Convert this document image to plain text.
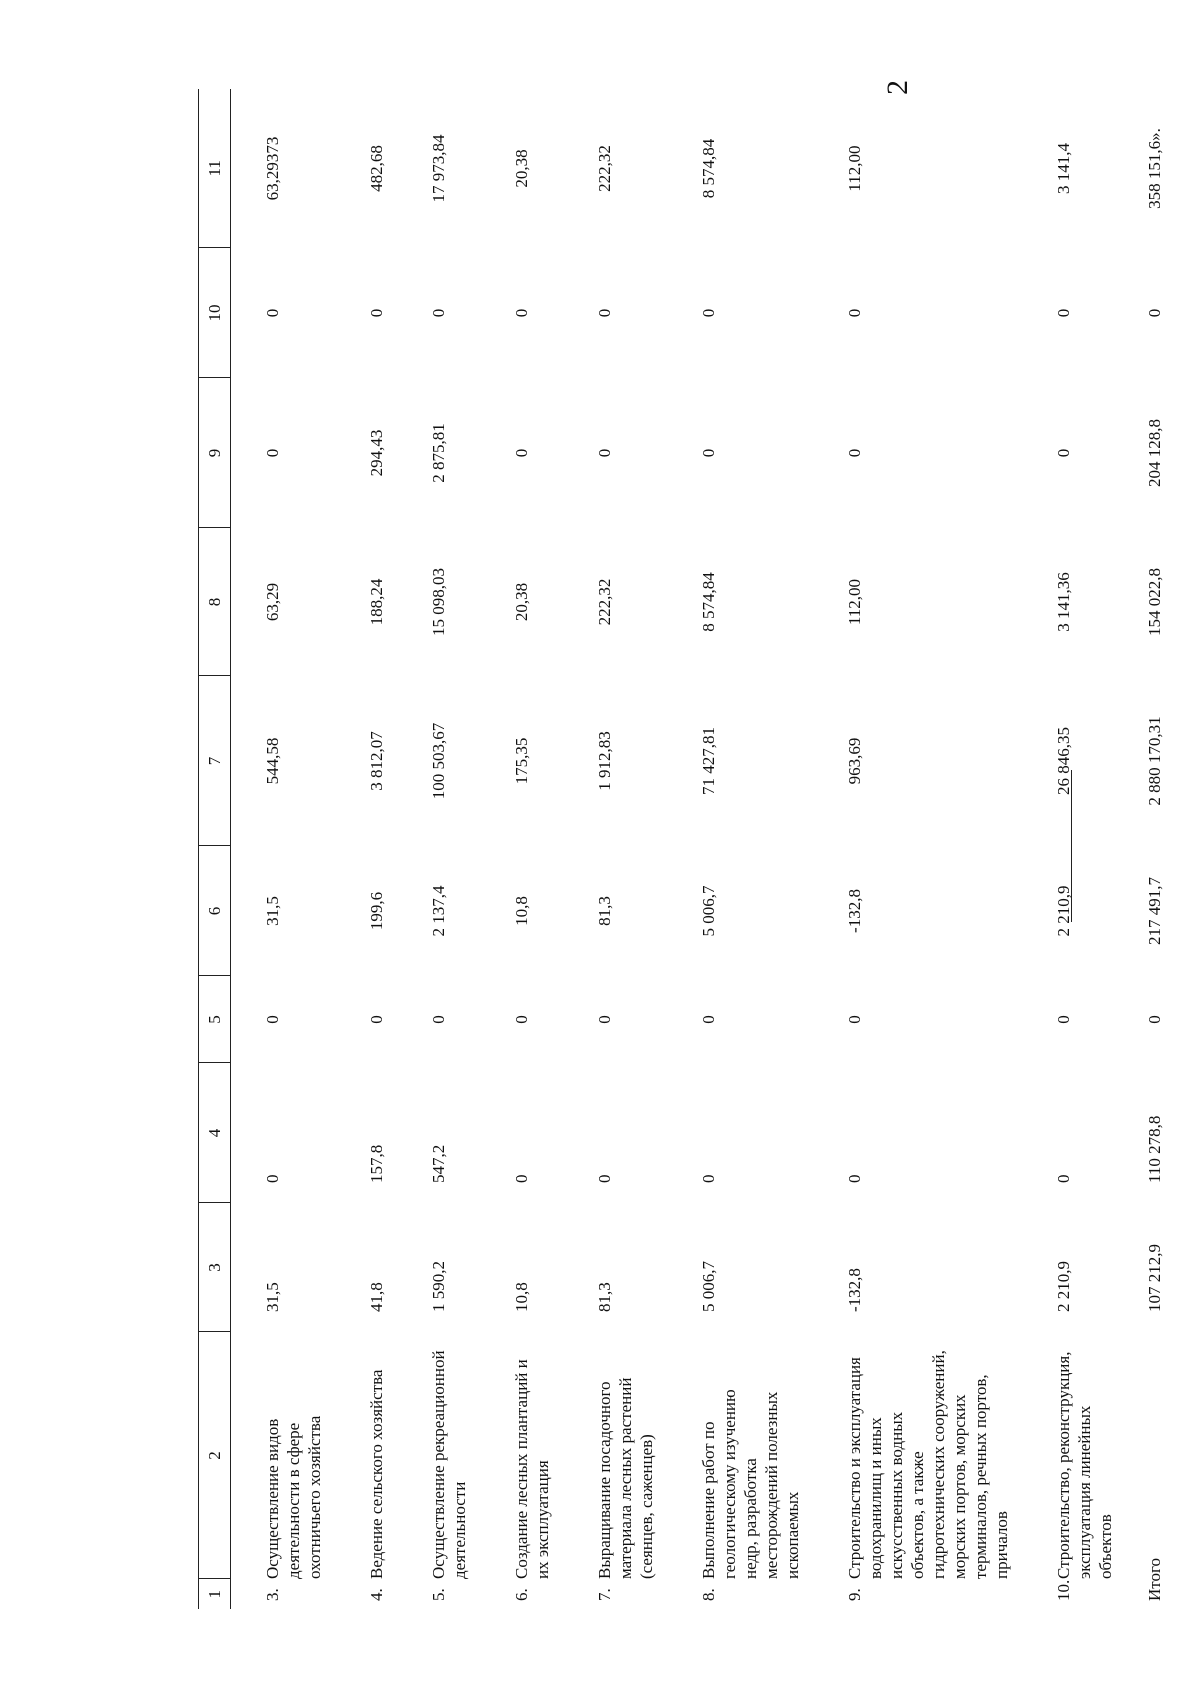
2
1	2	3	4	5	6	7	8	9	10	11
3.	Осуществление видов деятельности в сфере охотничьего хозяйства	31,5	0	0	31,5	544,58	63,29	0	0	63,29373
4.	Ведение сельского хозяйства	41,8	157,8	0	199,6	3 812,07	188,24	294,43	0	482,68
5.	Осуществление рекреационной деятельности	1 590,2	547,2	0	2 137,4	100 503,67	15 098,03	2 875,81	0	17 973,84
6.	Создание лесных плантаций и их эксплуатация	10,8	0	0	10,8	175,35	20,38	0	0	20,38
7.	Выращивание посадочного материала лесных растений (сеянцев, саженцев)	81,3	0	0	81,3	1 912,83	222,32	0	0	222,32
8.	Выполнение работ по геологическому изучению недр, разработка месторождений полезных ископаемых	5 006,7	0	0	5 006,7	71 427,81	8 574,84	0	0	8 574,84
9.	Строительство и эксплуатация водохранилищ и иных искусственных водных объектов, а также гидротехнических сооружений, морских портов, морских терминалов, речных портов, причалов	-132,8	0	0	-132,8	963,69	112,00	0	0	112,00
10.	Строительство, реконструкция, эксплуатация линейных объектов	2 210,9	0	0	2 210,9	26 846,35	3 141,36	0	0	3 141,4
Итого		107 212,9	110 278,8	0	217 491,7	2 880 170,31	154 022,8	204 128,8	0	358 151,6».
